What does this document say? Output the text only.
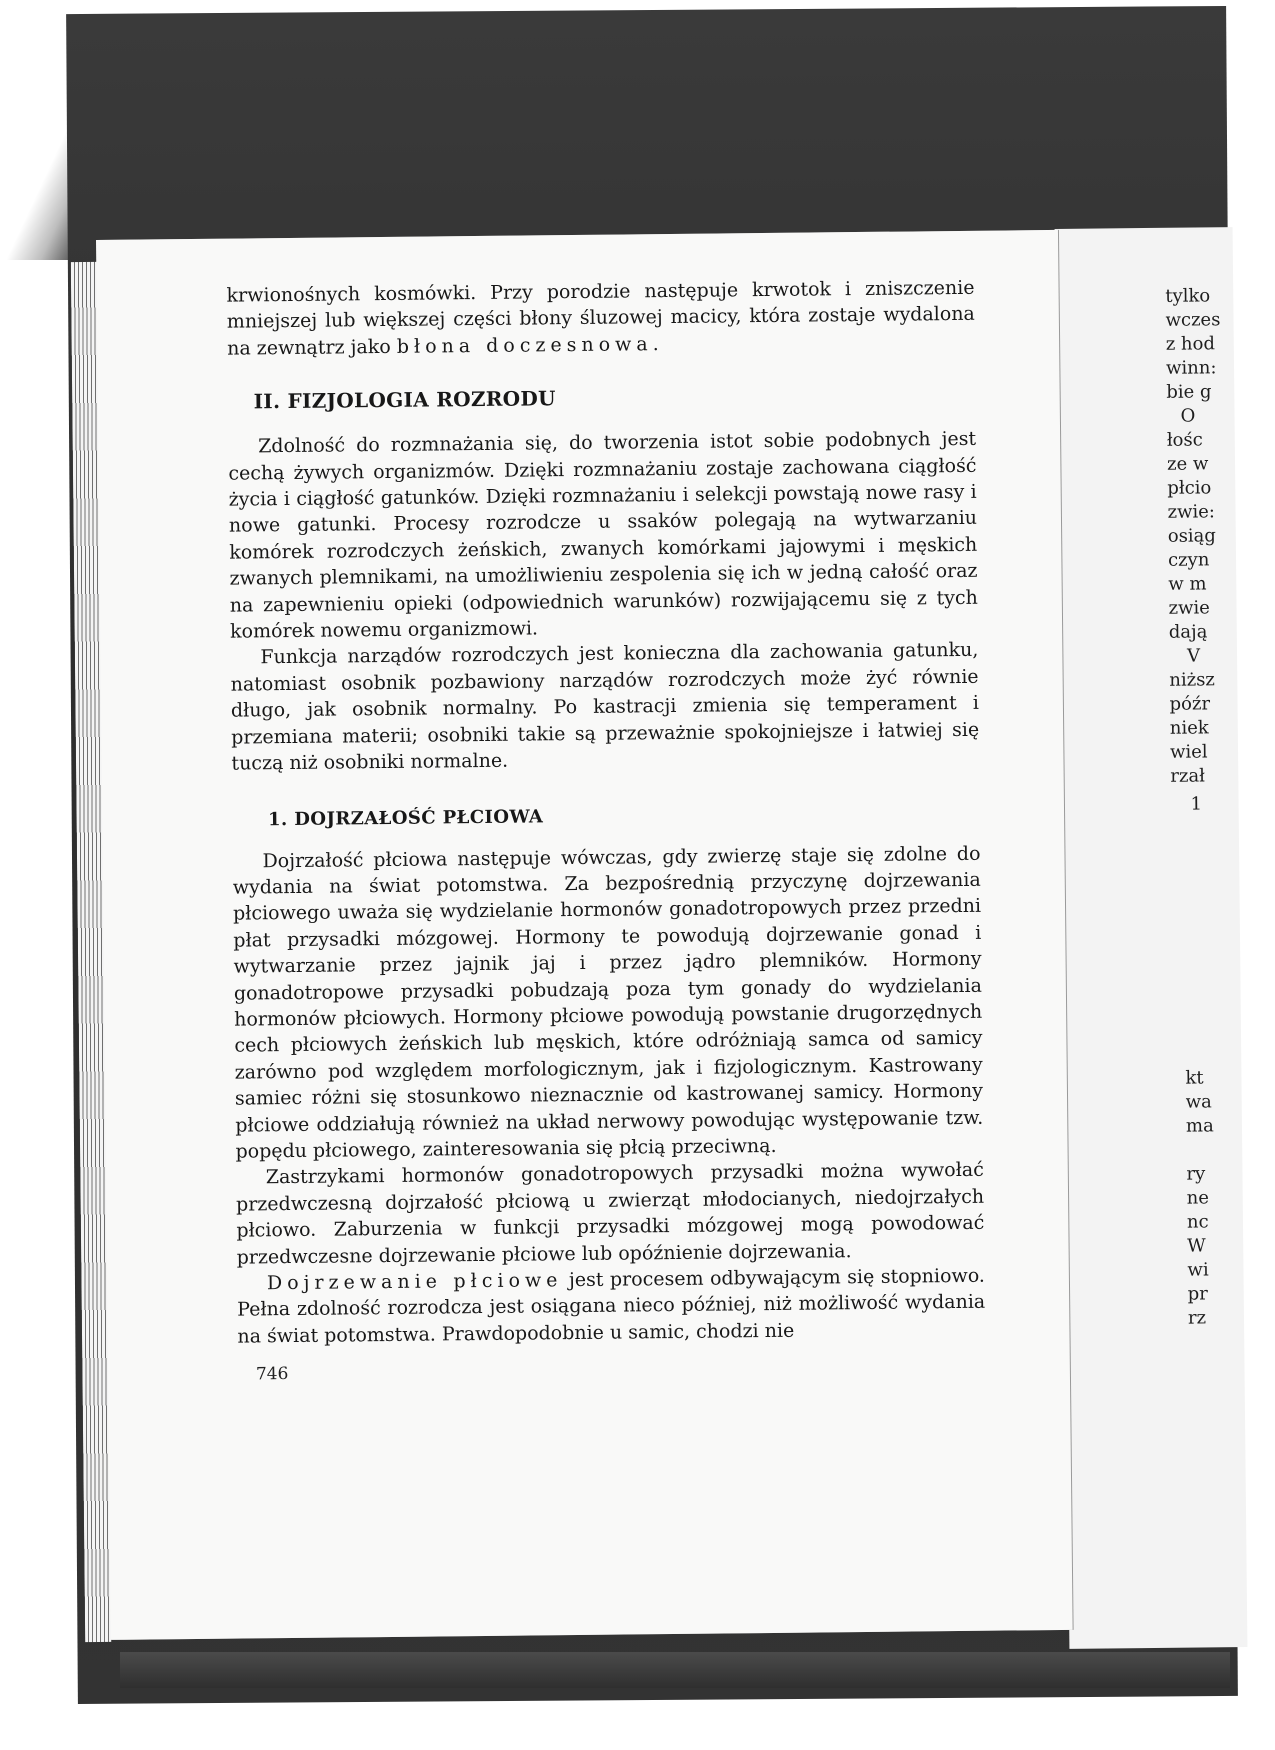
tylko
wczes
z hod
winn:
bie g
O
łośc
ze w
płcio
zwie:
osiąg
czyn
w m
zwie
dają
V
niższ
późr
niek
wiel
rzał
1
kt
wa
ma
ry
ne
nc
W
wi
pr
rz

krwionośnych kosmówki. Przy porodzie następuje krwotok i zniszczenie mniejszej lub większej części błony śluzowej macicy, która zostaje wydalona na zewnątrz jako błona doczesnowa.

II. FIZJOLOGIA ROZRODU

Zdolność do rozmnażania się, do tworzenia istot sobie podobnych jest cechą żywych organizmów. Dzięki rozmnażaniu zostaje zachowana ciągłość życia i ciągłość gatunków. Dzięki rozmnażaniu i selekcji powstają nowe rasy i nowe gatunki. Procesy rozrodcze u ssaków polegają na wytwarzaniu komórek rozrodczych żeńskich, zwanych komórkami jajowymi i męskich zwanych plemnikami, na umożliwieniu zespolenia się ich w jedną całość oraz na zapewnieniu opieki (odpowiednich warunków) rozwijającemu się z tych komórek nowemu organizmowi.

Funkcja narządów rozrodczych jest konieczna dla zachowania gatunku, natomiast osobnik pozbawiony narządów rozrodczych może żyć równie długo, jak osobnik normalny. Po kastracji zmienia się temperament i przemiana materii; osobniki takie są przeważnie spokojniejsze i łatwiej się tuczą niż osobniki normalne.

1. DOJRZAŁOŚĆ PŁCIOWA

Dojrzałość płciowa następuje wówczas, gdy zwierzę staje się zdolne do wydania na świat potomstwa. Za bezpośrednią przyczynę dojrzewania płciowego uważa się wydzielanie hormonów gonadotropowych przez przedni płat przysadki mózgowej. Hormony te powodują dojrzewanie gonad i wytwarzanie przez jajnik jaj i przez jądro plemników. Hormony gonadotropowe przysadki pobudzają poza tym gonady do wydzielania hormonów płciowych. Hormony płciowe powodują powstanie drugorzędnych cech płciowych żeńskich lub męskich, które odróżniają samca od samicy zarówno pod względem morfologicznym, jak i fizjologicznym. Kastrowany samiec różni się stosunkowo nieznacznie od kastrowanej samicy. Hormony płciowe oddziałują również na układ nerwowy powodując występowanie tzw. popędu płciowego, zainteresowania się płcią przeciwną.

Zastrzykami hormonów gonadotropowych przysadki można wywołać przedwczesną dojrzałość płciową u zwierząt młodocianych, niedojrzałych płciowo. Zaburzenia w funkcji przysadki mózgowej mogą powodować przedwczesne dojrzewanie płciowe lub opóźnienie dojrzewania.

Dojrzewanie płciowe jest procesem odbywającym się stopniowo. Pełna zdolność rozrodcza jest osiągana nieco później, niż możliwość wydania na świat potomstwa. Prawdopodobnie u samic, chodzi nie

746
